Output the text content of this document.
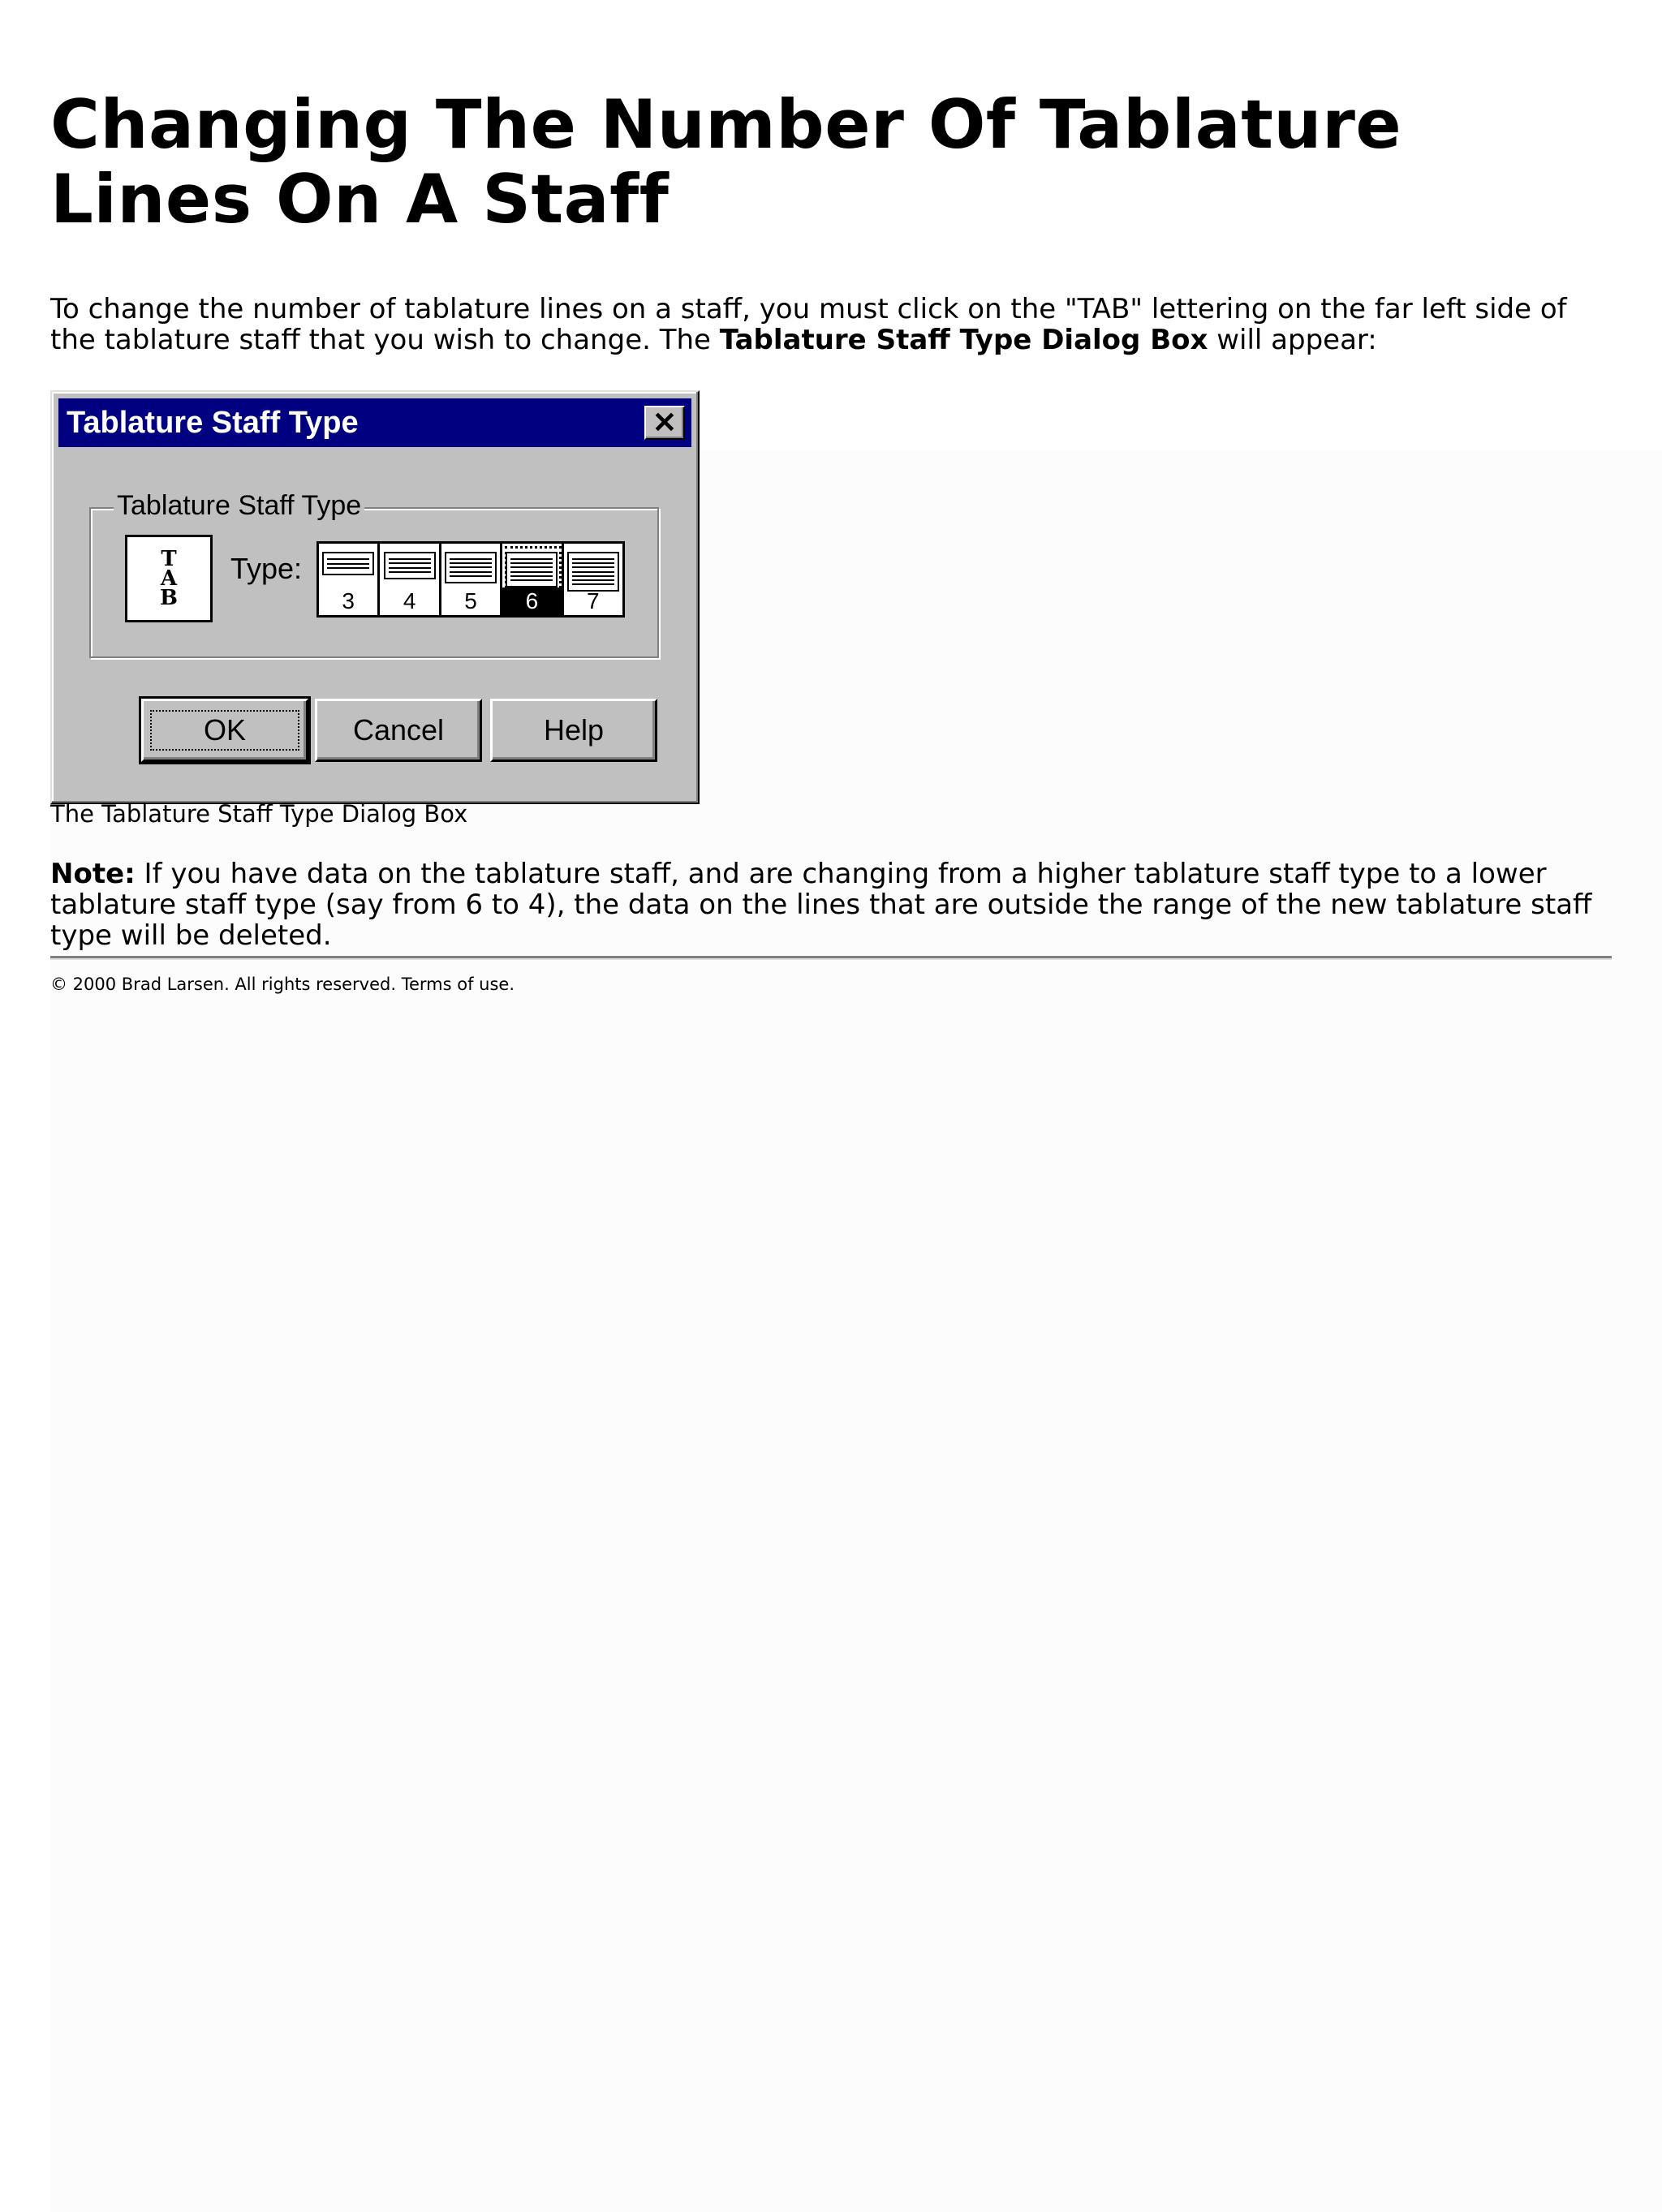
Changing The Number Of Tablature Lines On A Staff

To change the number of tablature lines on a staff, you must click on the "TAB" lettering on the far left side of the tablature staff that you wish to change. The Tablature Staff Type Dialog Box will appear:

Tablature Staff Type	✕
Tablature Staff Type
T
A
B
Type:
3	4	5	6	7
OK	Cancel	Help
The Tablature Staff Type Dialog Box

Note: If you have data on the tablature staff, and are changing from a higher tablature staff type to a lower tablature staff type (say from 6 to 4), the data on the lines that are outside the range of the new tablature staff type will be deleted.

© 2000 Brad Larsen. All rights reserved. Terms of use.
